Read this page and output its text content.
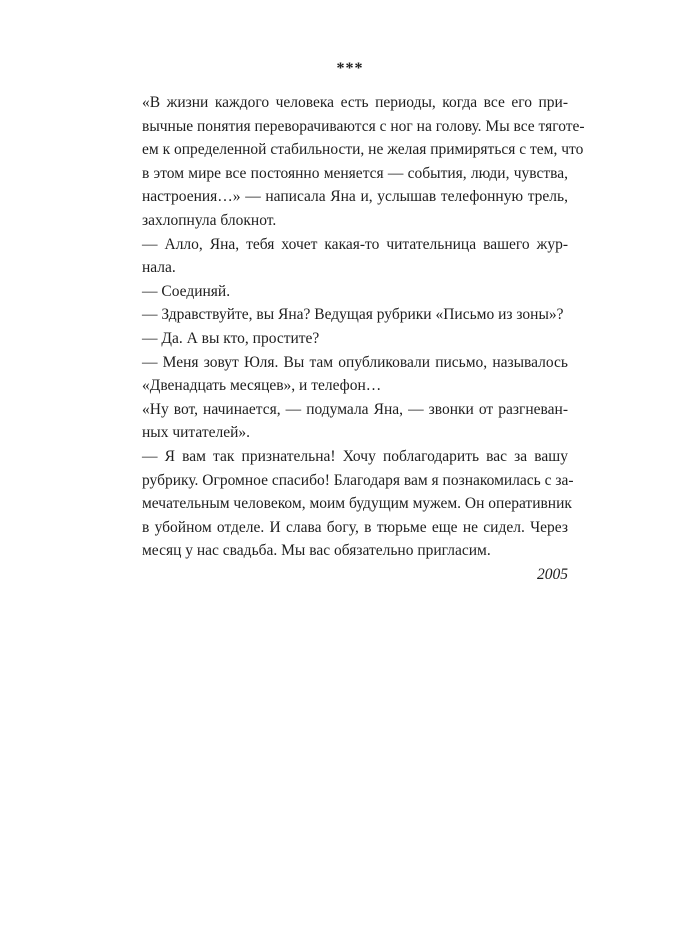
***

«В жизни каждого человека есть периоды, когда все его при-
вычные понятия переворачиваются с ног на голову. Мы все тяготе-
ем к определенной стабильности, не желая примиряться с тем, что
в этом мире все постоянно меняется — события, люди, чувства,
настроения…» — написала Яна и, услышав телефонную трель,
захлопнула блокнот.

— Алло, Яна, тебя хочет какая-то читательница вашего жур-
нала.

— Соединяй.

— Здравствуйте, вы Яна? Ведущая рубрики «Письмо из зоны»?

— Да. А вы кто, простите?

— Меня зовут Юля. Вы там опубликовали письмо, называлось
«Двенадцать месяцев», и телефон…

«Ну вот, начинается, — подумала Яна, — звонки от разгневан-
ных читателей».

— Я вам так признательна! Хочу поблагодарить вас за вашу
рубрику. Огромное спасибо! Благодаря вам я познакомилась с за-
мечательным человеком, моим будущим мужем. Он оперативник
в убойном отделе. И слава богу, в тюрьме еще не сидел. Через
месяц у нас свадьба. Мы вас обязательно пригласим.

2005
